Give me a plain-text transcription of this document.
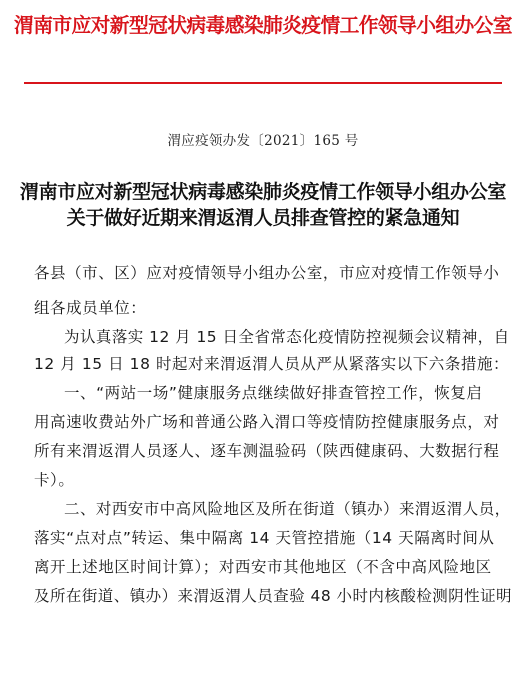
渭南市应对新型冠状病毒感染肺炎疫情工作领导小组办公室
渭应疫领办发〔2021〕165 号
渭南市应对新型冠状病毒感染肺炎疫情工作领导小组办公室
关于做好近期来渭返渭人员排查管控的紧急通知
各县（市、区）应对疫情领导小组办公室，市应对疫情工作领导小
组各成员单位：
为认真落实 12 月 15 日全省常态化疫情防控视频会议精神，自
12 月 15 日 18 时起对来渭返渭人员从严从紧落实以下六条措施：
一、“两站一场”健康服务点继续做好排查管控工作，恢复启
用高速收费站外广场和普通公路入渭口等疫情防控健康服务点，对
所有来渭返渭人员逐人、逐车测温验码（陕西健康码、大数据行程
卡）。
二、对西安市中高风险地区及所在街道（镇办）来渭返渭人员，
落实“点对点”转运、集中隔离 14 天管控措施（14 天隔离时间从
离开上述地区时间计算）；对西安市其他地区（不含中高风险地区
及所在街道、镇办）来渭返渭人员查验 48 小时内核酸检测阴性证明
